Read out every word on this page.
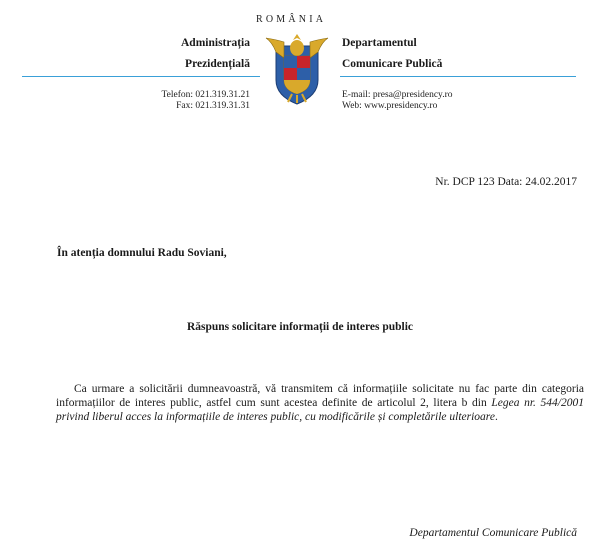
ROMÂNIA
Administrația
Prezidențială
Departamentul
Comunicare Publică
Telefon: 021.319.31.21
Fax: 021.319.31.31
E-mail: presa@presidency.ro
Web: www.presidency.ro
Nr. DCP 123 Data: 24.02.2017
În atenția domnului Radu Soviani,
Răspuns solicitare informații de interes public
Ca urmare a solicitării dumneavoastră, vă transmitem că informațiile solicitate nu fac parte din categoria informațiilor de interes public, astfel cum sunt acestea definite de articolul 2, litera b din Legea nr. 544/2001 privind liberul acces la informațiile de interes public, cu modificările și completările ulterioare.
Departamentul Comunicare Publică
